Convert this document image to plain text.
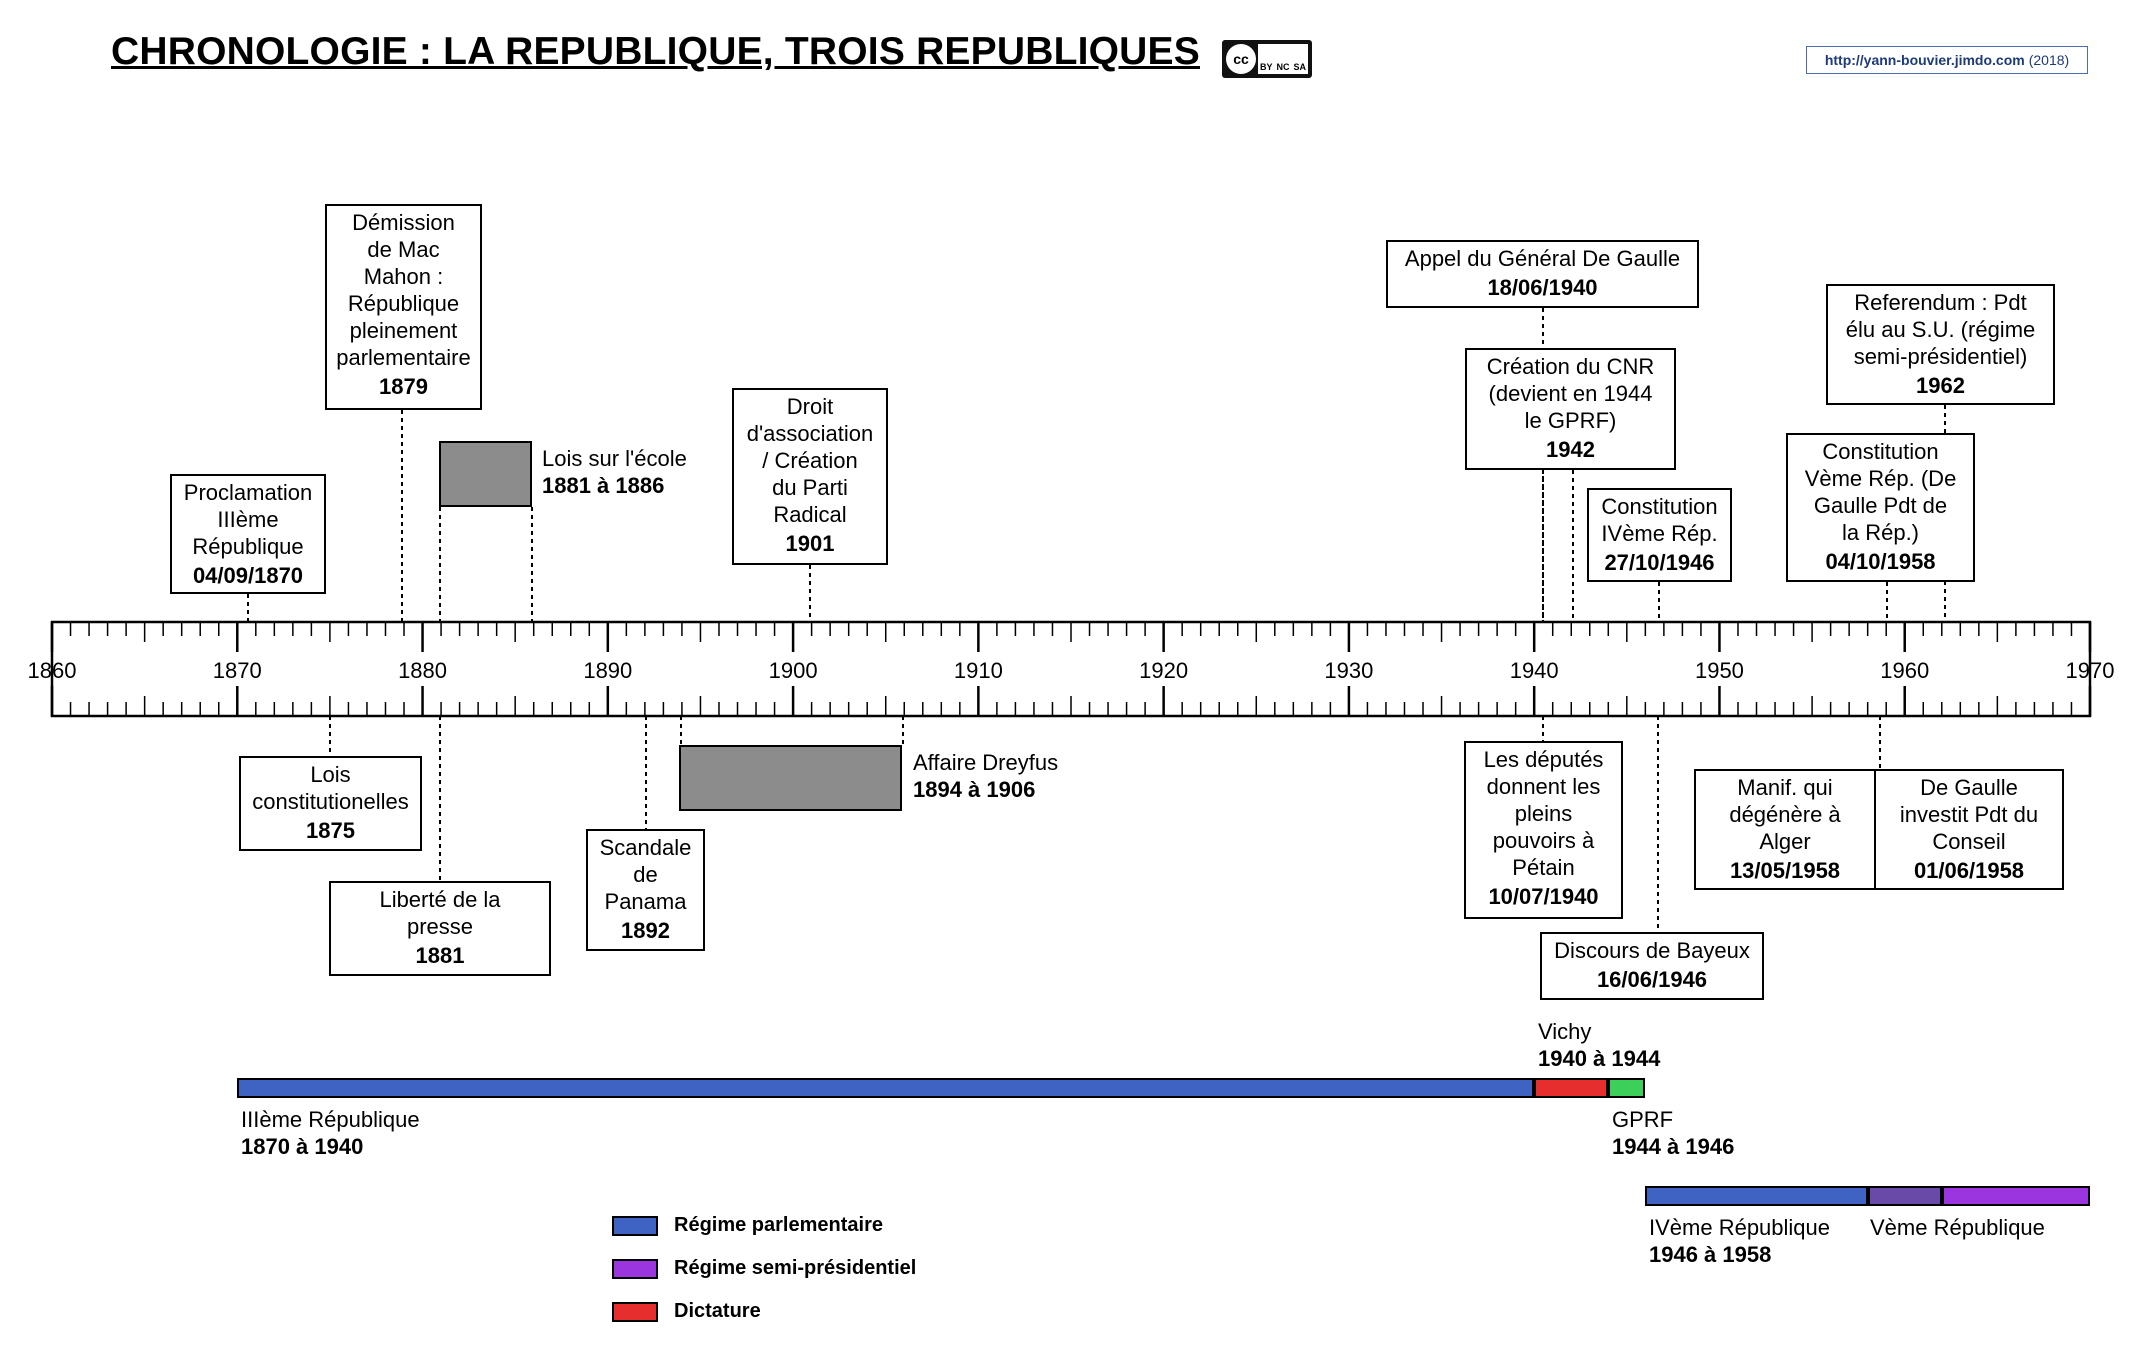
CHRONOLOGIE : LA REPUBLIQUE, TROIS REPUBLIQUES	cc	BY NC SA	http://yann-bouvier.jimdo.com (2018)
1860	1870	1880	1890	1900	1910	1920	1930	1940	1950	1960	1970
Proclamation
IIIème
République
04/09/1870
Démission
de Mac
Mahon :
République
pleinement
parlementaire
1879
Lois sur l'école
1881 à 1886
Droit
d'association
/ Création
du Parti
Radical
1901
Appel du Général De Gaulle
18/06/1940
Création du CNR
(devient en 1944
le GPRF)
1942
Constitution
IVème Rép.
27/10/1946
Constitution
Vème Rép. (De
Gaulle Pdt de
la Rép.)
04/10/1958
Referendum : Pdt
élu au S.U. (régime
semi-présidentiel)
1962
Lois
constitutionelles
1875
Liberté de la
presse
1881
Scandale
de
Panama
1892
Affaire Dreyfus
1894 à 1906
Les députés
donnent les
pleins
pouvoirs à
Pétain
10/07/1940
Discours de Bayeux
16/06/1946
Manif. qui
dégénère à
Alger
13/05/1958
De Gaulle
investit Pdt du
Conseil
01/06/1958
IIIème République
1870 à 1940
Vichy
1940 à 1944
GPRF
1944 à 1946
IVème République
1946 à 1958
Vème République
Régime parlementaire
Régime semi-présidentiel
Dictature
